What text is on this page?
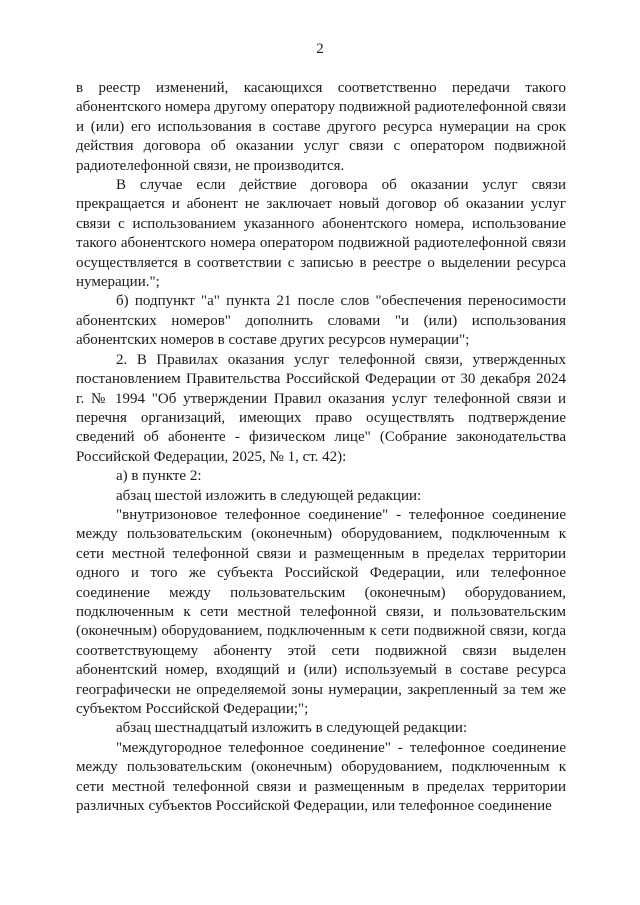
2

в реестр изменений, касающихся соответственно передачи такого абонентского номера другому оператору подвижной радиотелефонной связи и (или) его использования в составе другого ресурса нумерации на срок действия договора об оказании услуг связи с оператором подвижной радиотелефонной связи, не производится.

В случае если действие договора об оказании услуг связи прекращается и абонент не заключает новый договор об оказании услуг связи с использованием указанного абонентского номера, использование такого абонентского номера оператором подвижной радиотелефонной связи осуществляется в соответствии с записью в реестре о выделении ресурса нумерации.";

б) подпункт "а" пункта 21 после слов "обеспечения переносимости абонентских номеров" дополнить словами "и (или) использования абонентских номеров в составе других ресурсов нумерации";

2. В Правилах оказания услуг телефонной связи, утвержденных постановлением Правительства Российской Федерации от 30 декабря 2024 г. № 1994 "Об утверждении Правил оказания услуг телефонной связи и перечня организаций, имеющих право осуществлять подтверждение сведений об абоненте - физическом лице" (Собрание законодательства Российской Федерации, 2025, № 1, ст. 42):

а) в пункте 2:

абзац шестой изложить в следующей редакции:

"внутризоновое телефонное соединение" - телефонное соединение между пользовательским (оконечным) оборудованием, подключенным к сети местной телефонной связи и размещенным в пределах территории одного и того же субъекта Российской Федерации, или телефонное соединение между пользовательским (оконечным) оборудованием, подключенным к сети местной телефонной связи, и пользовательским (оконечным) оборудованием, подключенным к сети подвижной связи, когда соответствующему абоненту этой сети подвижной связи выделен абонентский номер, входящий и (или) используемый в составе ресурса географически не определяемой зоны нумерации, закрепленный за тем же субъектом Российской Федерации;";

абзац шестнадцатый изложить в следующей редакции:

"междугородное телефонное соединение" - телефонное соединение между пользовательским (оконечным) оборудованием, подключенным к сети местной телефонной связи и размещенным в пределах территории различных субъектов Российской Федерации, или телефонное соединение
